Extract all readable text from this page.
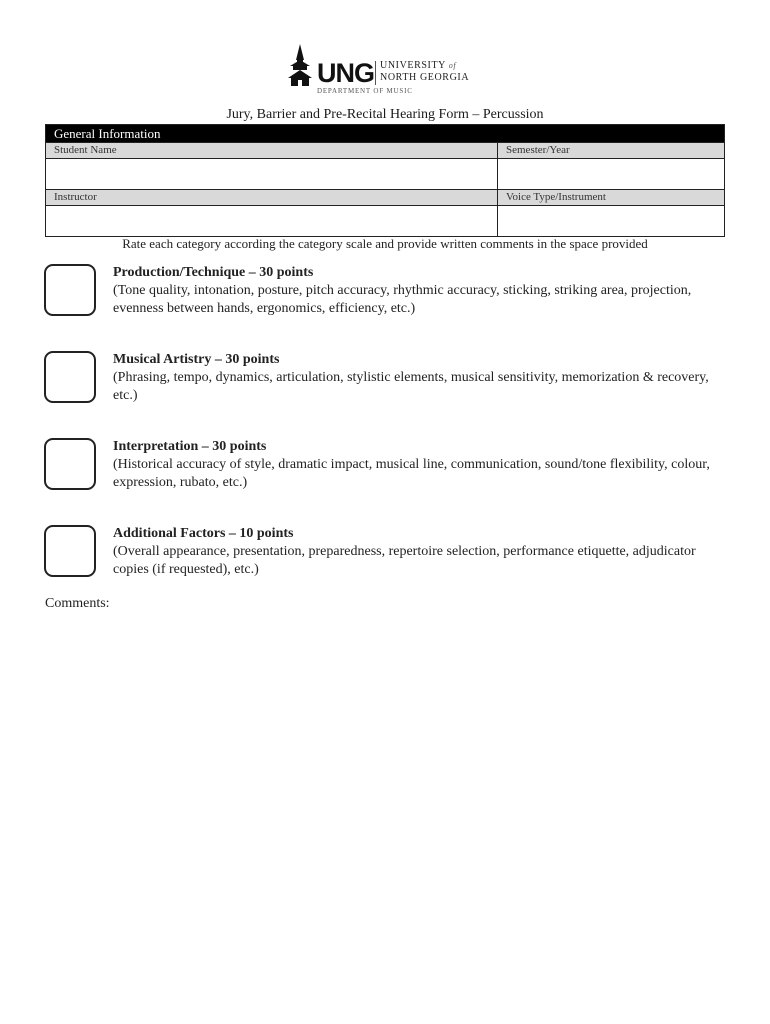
UNG UNIVERSITY of
NORTH GEORGIA
DEPARTMENT OF MUSIC
Jury, Barrier and Pre-Recital Hearing Form – Percussion
General Information
Student Name	Semester/Year
Instructor	Voice Type/Instrument
Rate each category according the category scale and provide written comments in the space provided
Production/Technique – 30 points
(Tone quality, intonation, posture, pitch accuracy, rhythmic accuracy, sticking, striking area, projection, evenness between hands, ergonomics, efficiency, etc.)
Musical Artistry – 30 points
(Phrasing, tempo, dynamics, articulation, stylistic elements, musical sensitivity, memorization & recovery, etc.)
Interpretation – 30 points
(Historical accuracy of style, dramatic impact, musical line, communication, sound/tone flexibility, colour, expression, rubato, etc.)
Additional Factors – 10 points
(Overall appearance, presentation, preparedness, repertoire selection, performance etiquette, adjudicator copies (if requested), etc.)
Comments:
